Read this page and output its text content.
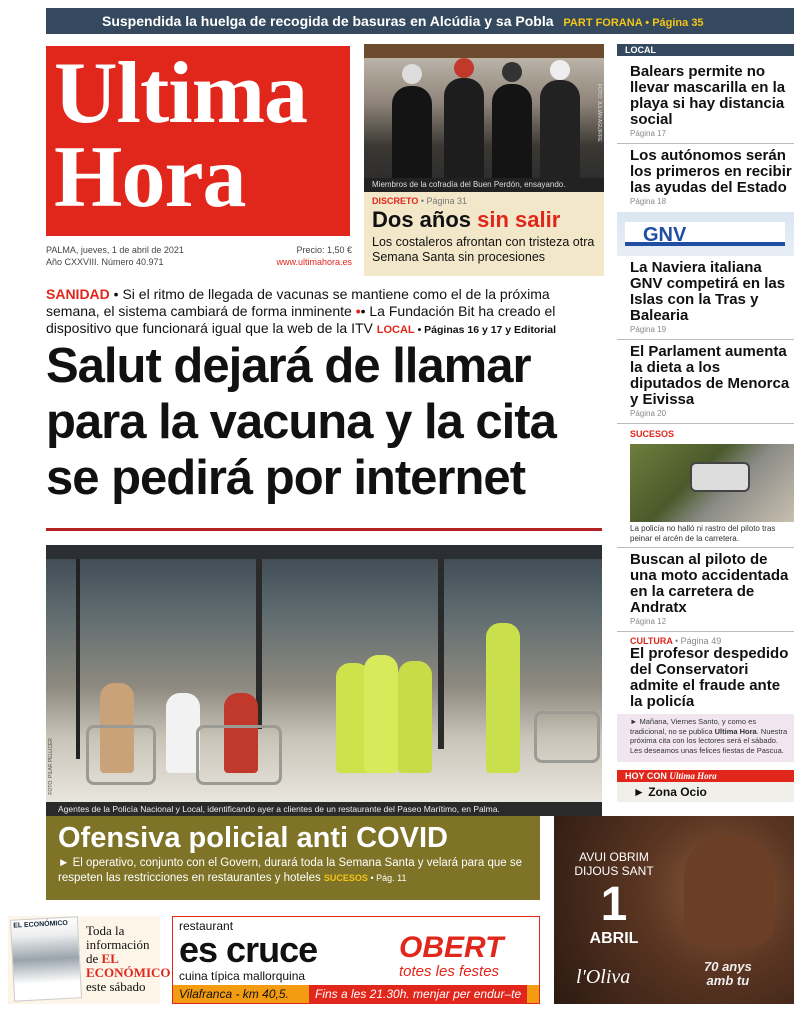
Suspendida la huelga de recogida de basuras en Alcúdia y sa Pobla PART FORANA • Página 35
Ultima
Hora
PALMA, jueves, 1 de abril de 2021
Año CXXVIII. Número 40.971
Precio: 1,50 €
www.ultimahora.es
FOTO: JULIÁN AGUIRRE
Miembros de la cofradía del Buen Perdón, ensayando.
DISCRETO • Página 31
Dos años sin salir

Los costaleros afrontan con tristeza otra Semana Santa sin procesiones

SANIDAD • Si el ritmo de llegada de vacunas se mantiene como el de la próxima semana, el sistema cambiará de forma inminente •• La Fundación Bit ha creado el dispositivo que funcionará igual que la web de la ITV LOCAL • Páginas 16 y 17 y Editorial
Salut dejará de llamar para la vacuna y la cita se pedirá por internet
FOTO: PILAR PELLICER
Agentes de la Policía Nacional y Local, identificando ayer a clientes de un restaurante del Paseo Marítimo, en Palma.
Ofensiva policial anti COVID

► El operativo, conjunto con el Govern, durará toda la Semana Santa y velará para que se respeten las restricciones en restaurantes y hoteles SUCESOS • Pág. 11

EL ECONÓMICO Toda la
información
de EL
ECONÓMICO
este sábado
restaurant
es cruce
cuina típica mallorquina
OBERT
totes les festes
Vilafranca - km 40,5.	Fins a les 21.30h. menjar per endur–te
AVUI OBRIM
DIJOUS SANT
1
ABRIL
l'Oliva	70 anys
amb tu
LOCAL
Balears permite no llevar mascarilla en la playa si hay distancia social
Página 17
Los autónomos serán los primeros en recibir las ayudas del Estado
Página 18
GNV
La Naviera italiana GNV competirá en las Islas con la Tras y Balearia
Página 19
El Parlament aumenta la dieta a los diputados de Menorca y Eivissa
Página 20
SUCESOS
La policía no halló ni rastro del piloto tras peinar el arcén de la carretera.
Buscan al piloto de una moto accidentada en la carretera de Andratx
Página 12
CULTURA • Página 49
El profesor despedido del Conservatori admite el fraude ante la policía
► Mañana, Viernes Santo, y como es tradicional, no se publica Ultima Hora. Nuestra próxima cita con los lectores será el sábado. Les deseamos unas felices fiestas de Pascua.
HOY CON Ultima Hora
► Zona Ocio
